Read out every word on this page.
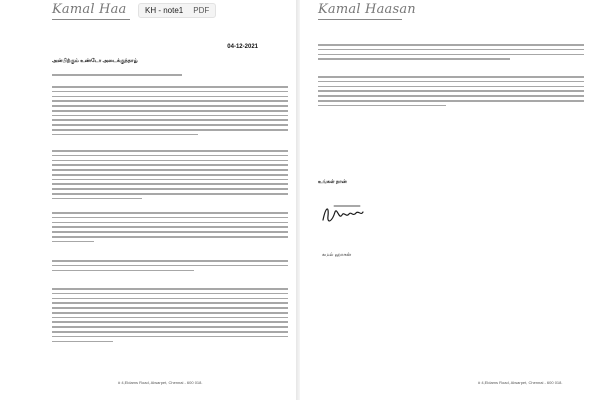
Kamal Haa KH - note1 PDF
04-12-2021
அன்பிற்கும் உண்டோ அடைக்குந்தாழ்
# 4,Eldams Road, Alwarpet, Chennai - 600 018.
Kamal Haasan
உங்கள் நான்
கமல் ஹாசன்
# 4,Eldams Road, Alwarpet, Chennai - 600 018.
